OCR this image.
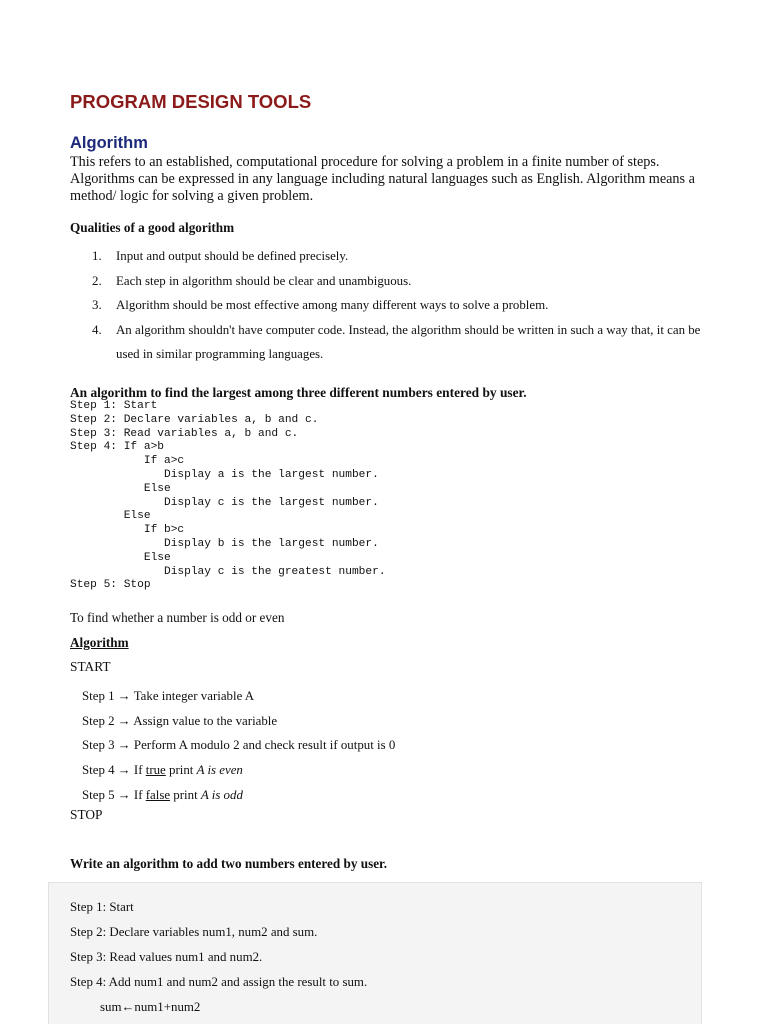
PROGRAM DESIGN TOOLS
Algorithm
This refers to an established, computational procedure for solving a problem in a finite number of steps. Algorithms can be expressed in any language including natural languages such as English. Algorithm means a method/ logic for solving a given problem.
Qualities of a good algorithm
1. Input and output should be defined precisely.
2. Each step in algorithm should be clear and unambiguous.
3. Algorithm should be most effective among many different ways to solve a problem.
4. An algorithm shouldn't have computer code. Instead, the algorithm should be written in such a way that, it can be used in similar programming languages.
An algorithm to find the largest among three different numbers entered by user.
Step 1: Start
Step 2: Declare variables a, b and c.
Step 3: Read variables a, b and c.
Step 4: If a>b
If a>c
Display a is the largest number.
Else
Display c is the largest number.
Else
If b>c
Display b is the largest number.
Else
Display c is the greatest number.
Step 5: Stop
To find whether a number is odd or even
Algorithm
START
Step 1 → Take integer variable A
Step 2 → Assign value to the variable
Step 3 → Perform A modulo 2 and check result if output is 0
Step 4 → If true print A is even
Step 5 → If false print A is odd
STOP
Write an algorithm to add two numbers entered by user.
Step 1: Start
Step 2: Declare variables num1, num2 and sum.
Step 3: Read values num1 and num2.
Step 4: Add num1 and num2 and assign the result to sum.
sum←num1+num2
